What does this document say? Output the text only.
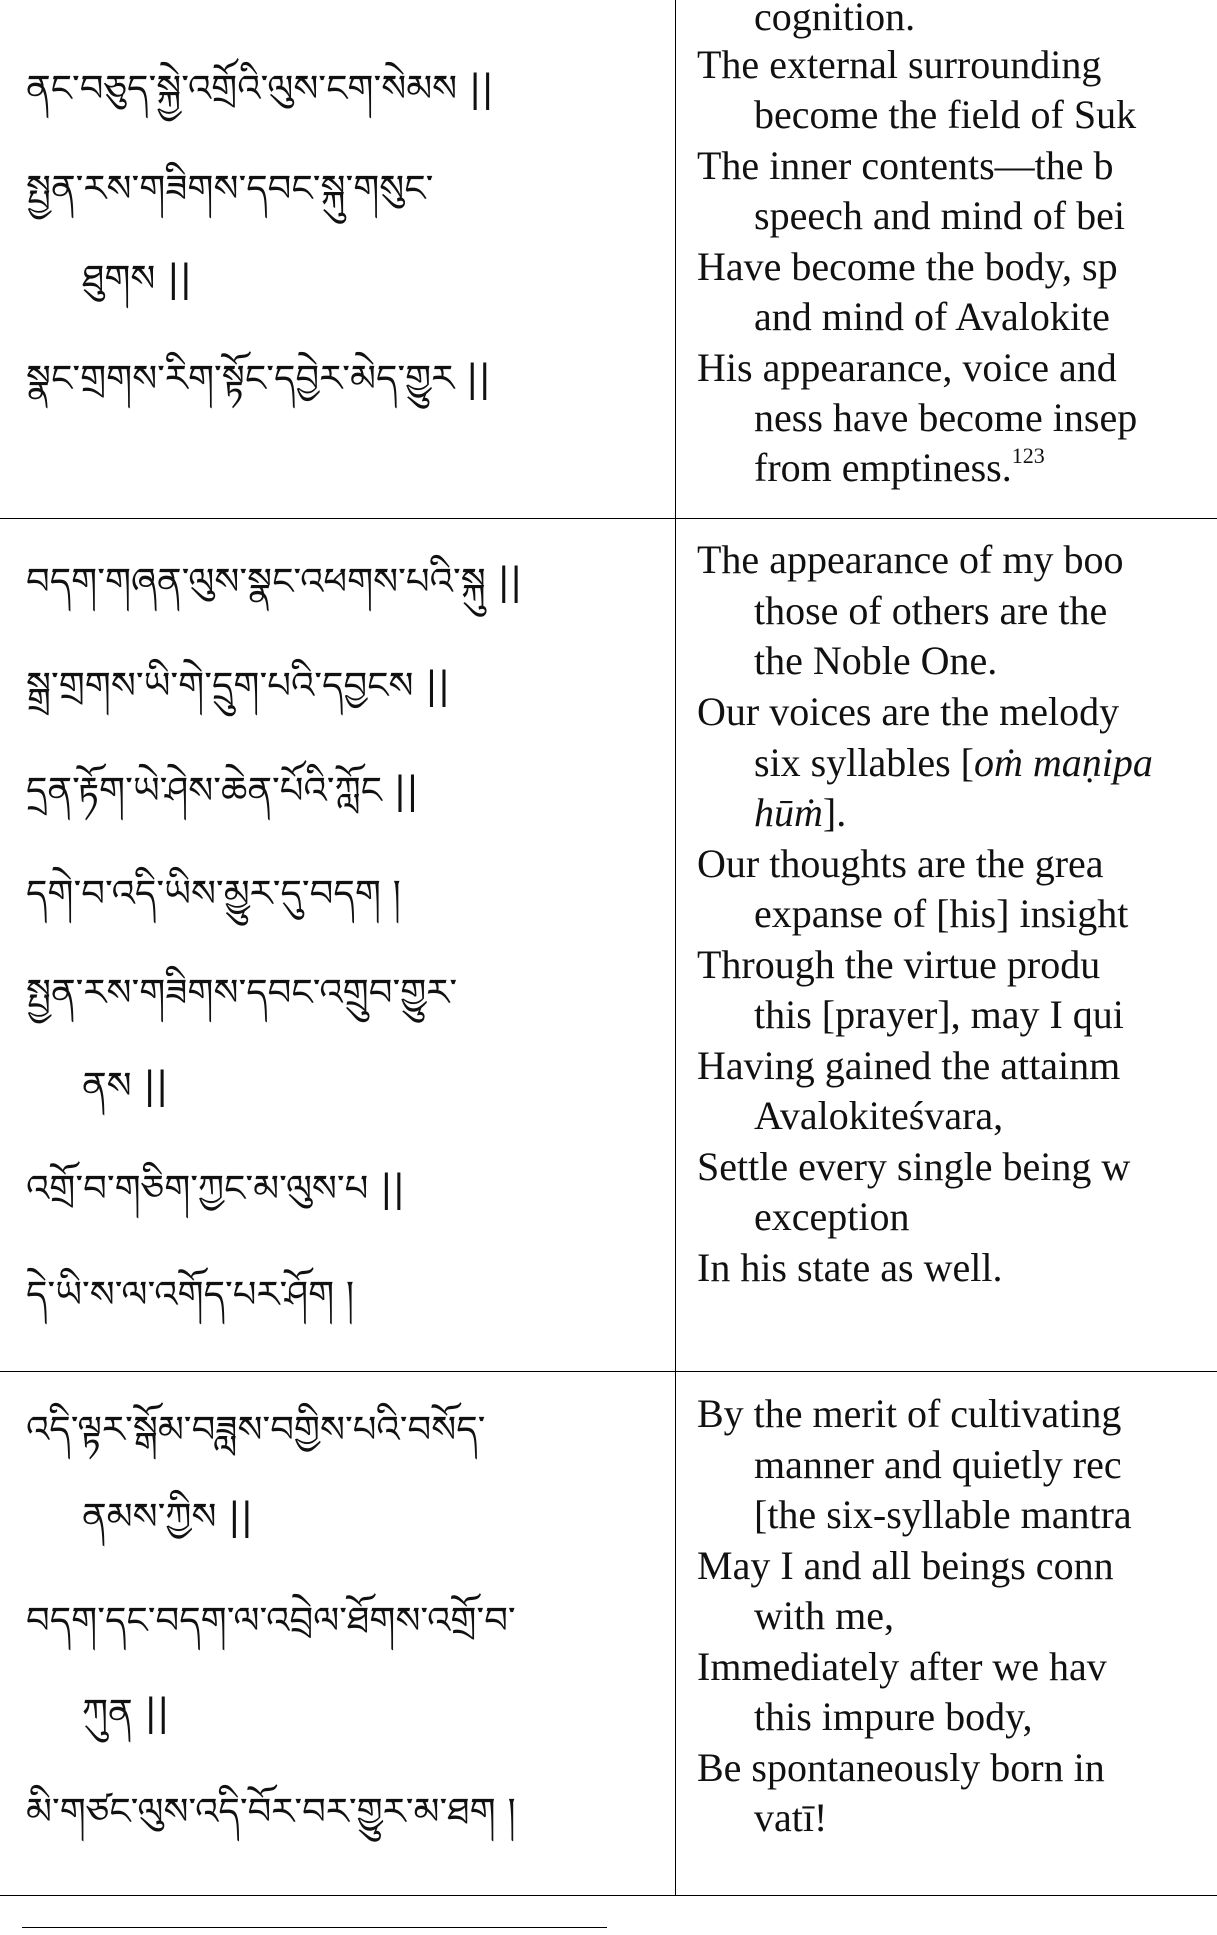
ནང་བཅུད་སྐྱེ་འགྲོའི་ལུས་ངག་སེམས ||
སྤྱན་རས་གཟིགས་དབང་སྐུ་གསུང་
ཐུགས ||
སྣང་གྲགས་རིག་སྟོང་དབྱེར་མེད་གྱུར ||
cognition.
The external surrounding
become the field of Suk
The inner contents—the b
speech and mind of bei
Have become the body, sp
and mind of Avalokite
His appearance, voice and
ness have become insep
from emptiness.$^{123}$
བདག་གཞན་ལུས་སྣང་འཕགས་པའི་སྐུ ||
སྒྲ་གྲགས་ཡི་གེ་དྲུག་པའི་དབྱངས ||
དྲན་རྟོག་ཡེ་ཤེས་ཆེན་པོའི་ཀློང ||
དགེ་བ་འདི་ཡིས་མྱུར་དུ་བདག །
སྤྱན་རས་གཟིགས་དབང་འགྲུབ་གྱུར་
ནས ||
འགྲོ་བ་གཅིག་ཀྱང་མ་ལུས་པ ||
དེ་ཡི་ས་ལ་འགོད་པར་ཤོག །
The appearance of my boo
those of others are the
the Noble One.
Our voices are the melody
six syllables [oṁ maṇipa
hūṁ].
Our thoughts are the grea
expanse of [his] insight
Through the virtue produ
this [prayer], may I qui
Having gained the attainm
Avalokiteśvara,
Settle every single being w
exception
In his state as well.
འདི་ལྟར་སྒོམ་བཟླས་བགྱིས་པའི་བསོད་
ནམས་ཀྱིས ||
བདག་དང་བདག་ལ་འབྲེལ་ཐོགས་འགྲོ་བ་
ཀུན ||
མི་གཙང་ལུས་འདི་བོར་བར་གྱུར་མ་ཐག །
By the merit of cultivating
manner and quietly rec
[the six-syllable mantra
May I and all beings conn
with me,
Immediately after we hav
this impure body,
Be spontaneously born in
vatī!
